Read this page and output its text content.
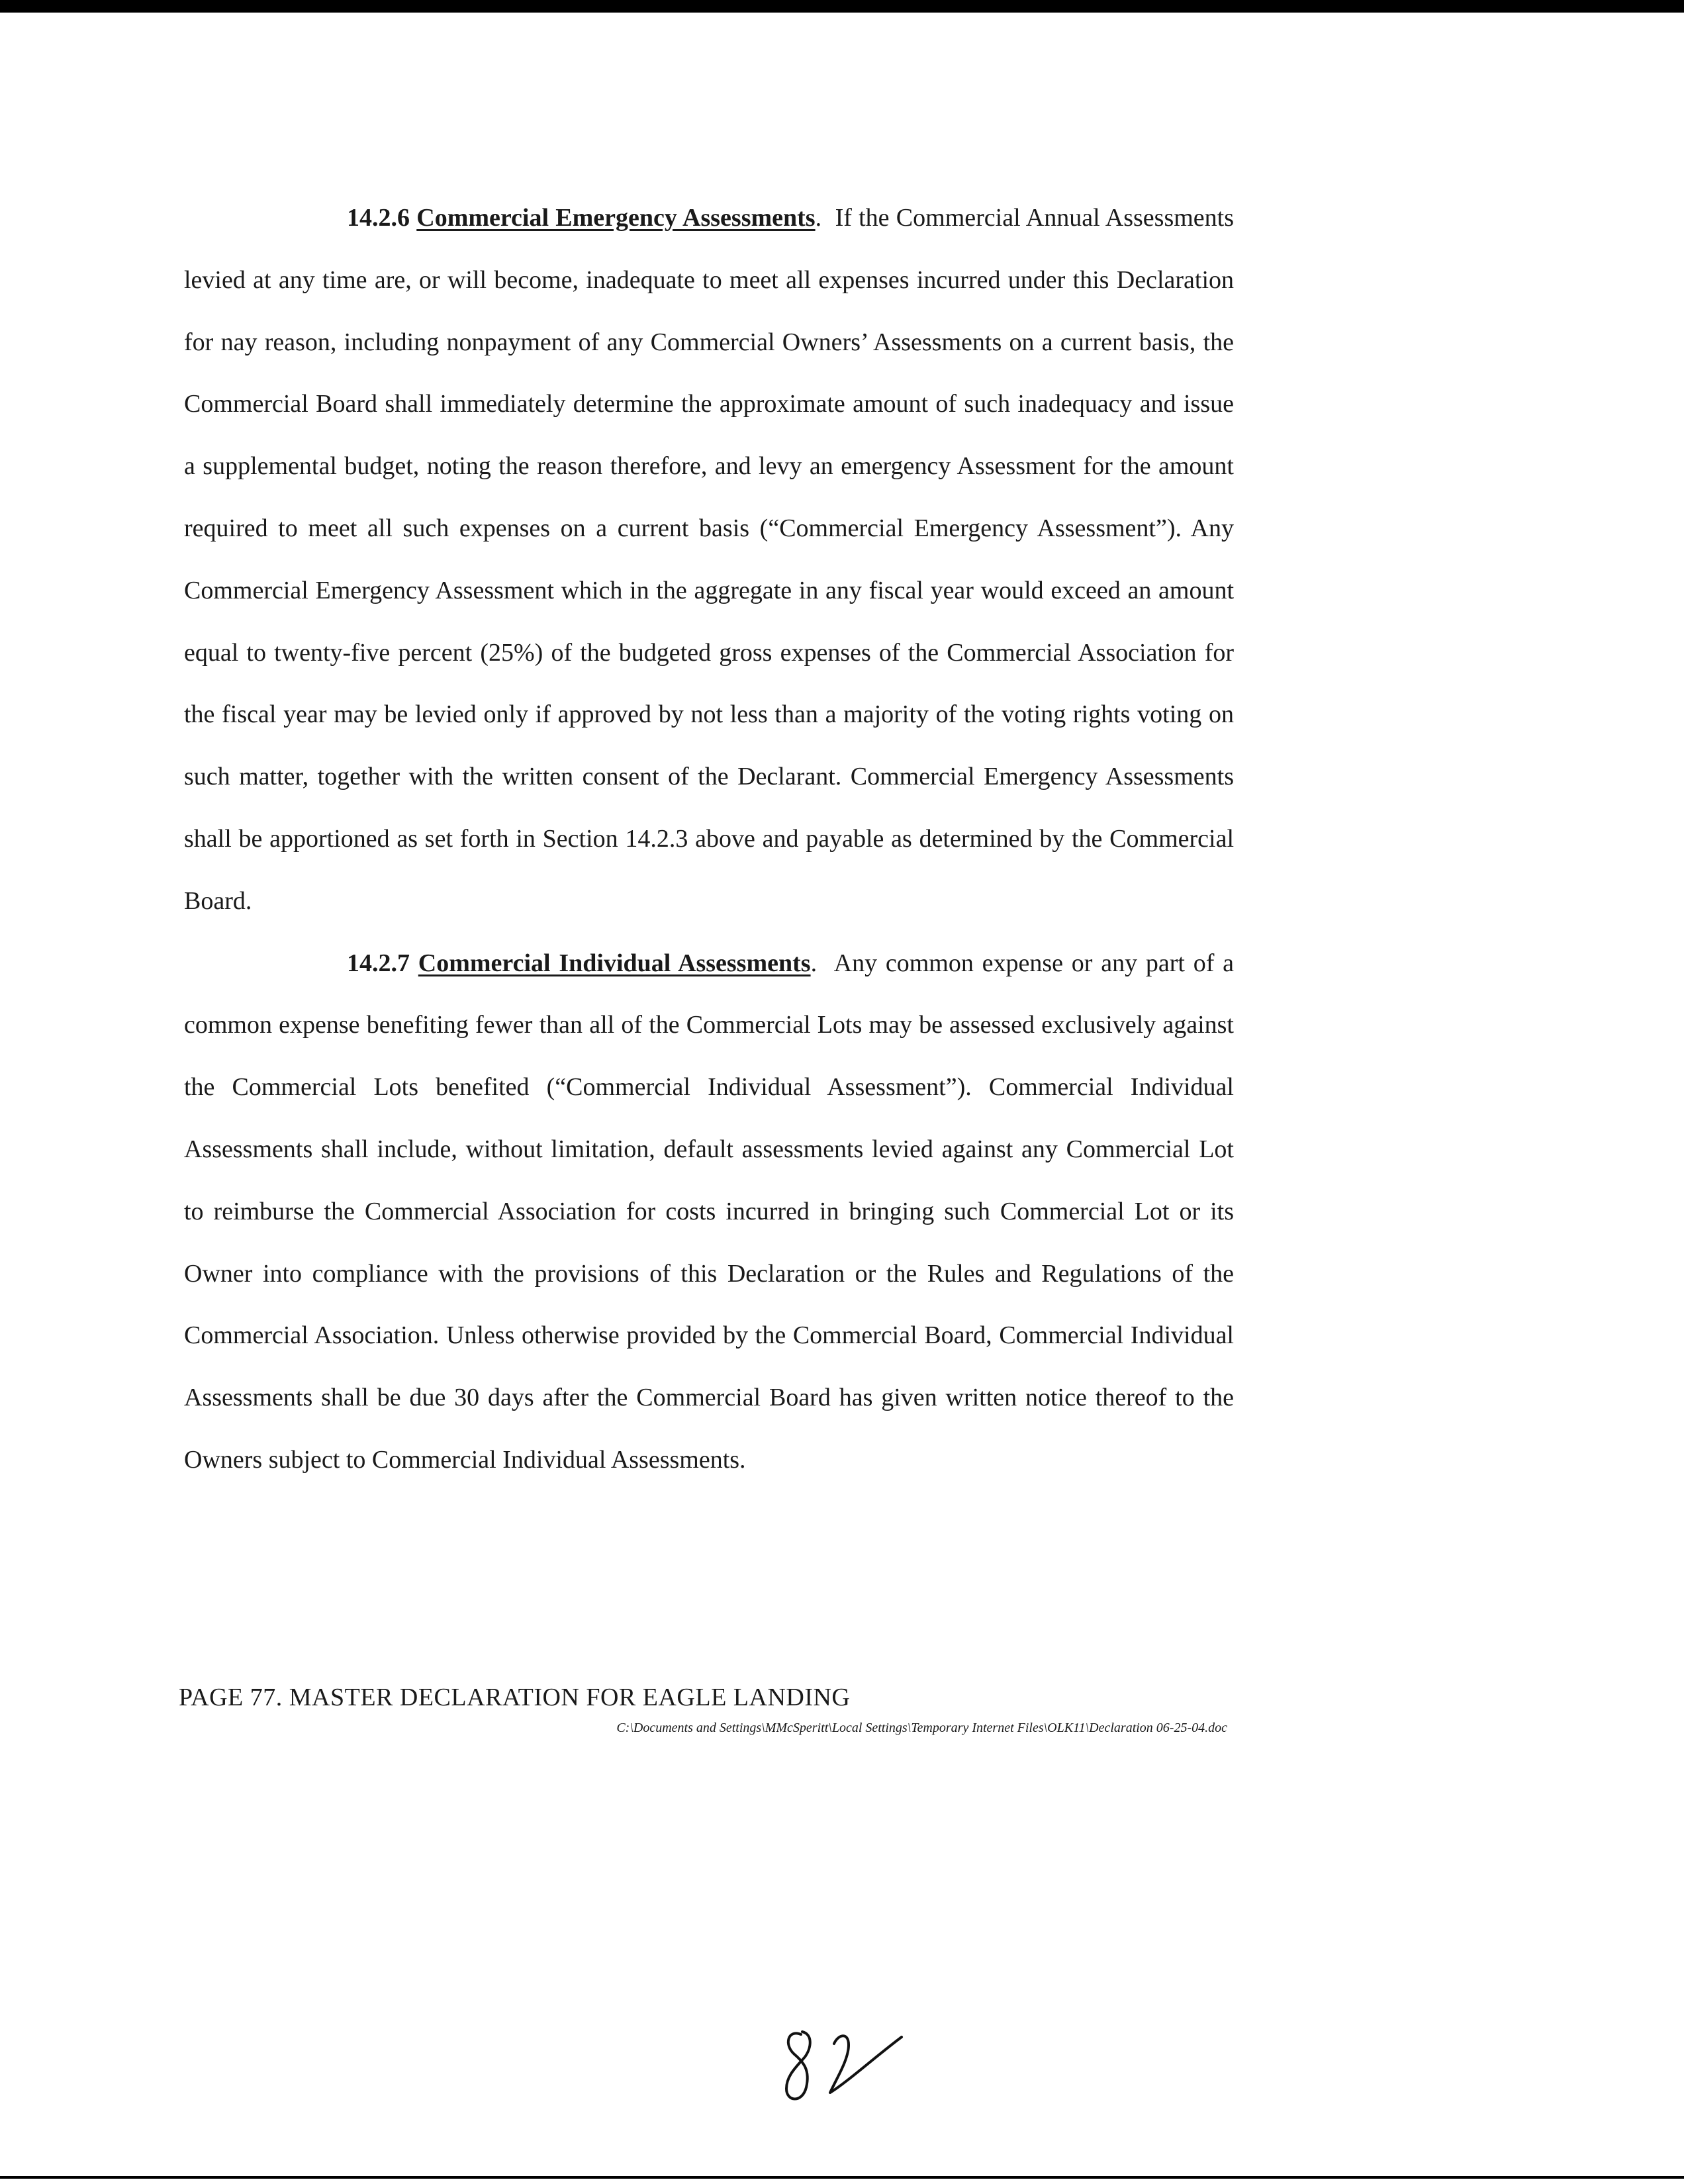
14.2.6 Commercial Emergency Assessments. If the Commercial Annual Assessments levied at any time are, or will become, inadequate to meet all expenses incurred under this Declaration for nay reason, including nonpayment of any Commercial Owners’ Assessments on a current basis, the Commercial Board shall immediately determine the approximate amount of such inadequacy and issue a supplemental budget, noting the reason therefore, and levy an emergency Assessment for the amount required to meet all such expenses on a current basis (“Commercial Emergency Assessment”). Any Commercial Emergency Assessment which in the aggregate in any fiscal year would exceed an amount equal to twenty-five percent (25%) of the budgeted gross expenses of the Commercial Association for the fiscal year may be levied only if approved by not less than a majority of the voting rights voting on such matter, together with the written consent of the Declarant. Commercial Emergency Assessments shall be apportioned as set forth in Section 14.2.3 above and payable as determined by the Commercial Board.

14.2.7 Commercial Individual Assessments. Any common expense or any part of a common expense benefiting fewer than all of the Commercial Lots may be assessed exclusively against the Commercial Lots benefited (“Commercial Individual Assessment”). Commercial Individual Assessments shall include, without limitation, default assessments levied against any Commercial Lot to reimburse the Commercial Association for costs incurred in bringing such Commercial Lot or its Owner into compliance with the provisions of this Declaration or the Rules and Regulations of the Commercial Association. Unless otherwise provided by the Commercial Board, Commercial Individual Assessments shall be due 30 days after the Commercial Board has given written notice thereof to the Owners subject to Commercial Individual Assessments.

PAGE 77. MASTER DECLARATION FOR EAGLE LANDING
C:\Documents and Settings\MMcSperitt\Local Settings\Temporary Internet Files\OLK11\Declaration 06-25-04.doc
